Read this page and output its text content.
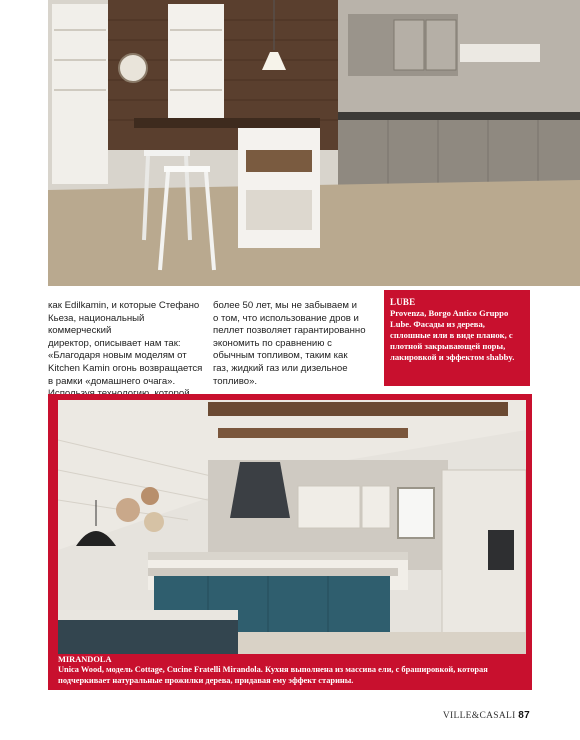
как Edilkamin, и которые Стефано
Кьеза, национальный коммерческий
директор, описывает нам так:
«Благодаря новым моделям от
Kitchen Kamin огонь возвращается
в рамки «домашнего очага».

более 50 лет, мы не забываем и
о том, что использование дров и
пеллет позволяет гарантированно
экономить по сравнению с
обычным топливом, таким как
газ, жидкий газ или дизельное
топливо».
LUBE
Provenza, Borgo Antico Gruppo Lube. Фасады из дерева, сплошные или в виде планок, с плотной закрывающей поры, лакировкой и эффектом shabby.
MIRANDOLA
Unica Wood, модель Cottage, Cucine Fratelli Mirandola. Кухня выполнена из массива ели, с брашировкой, которая подчеркивает натуральные прожилки дерева, придавая ему эффект старины.
VILLE&CASALI 87
